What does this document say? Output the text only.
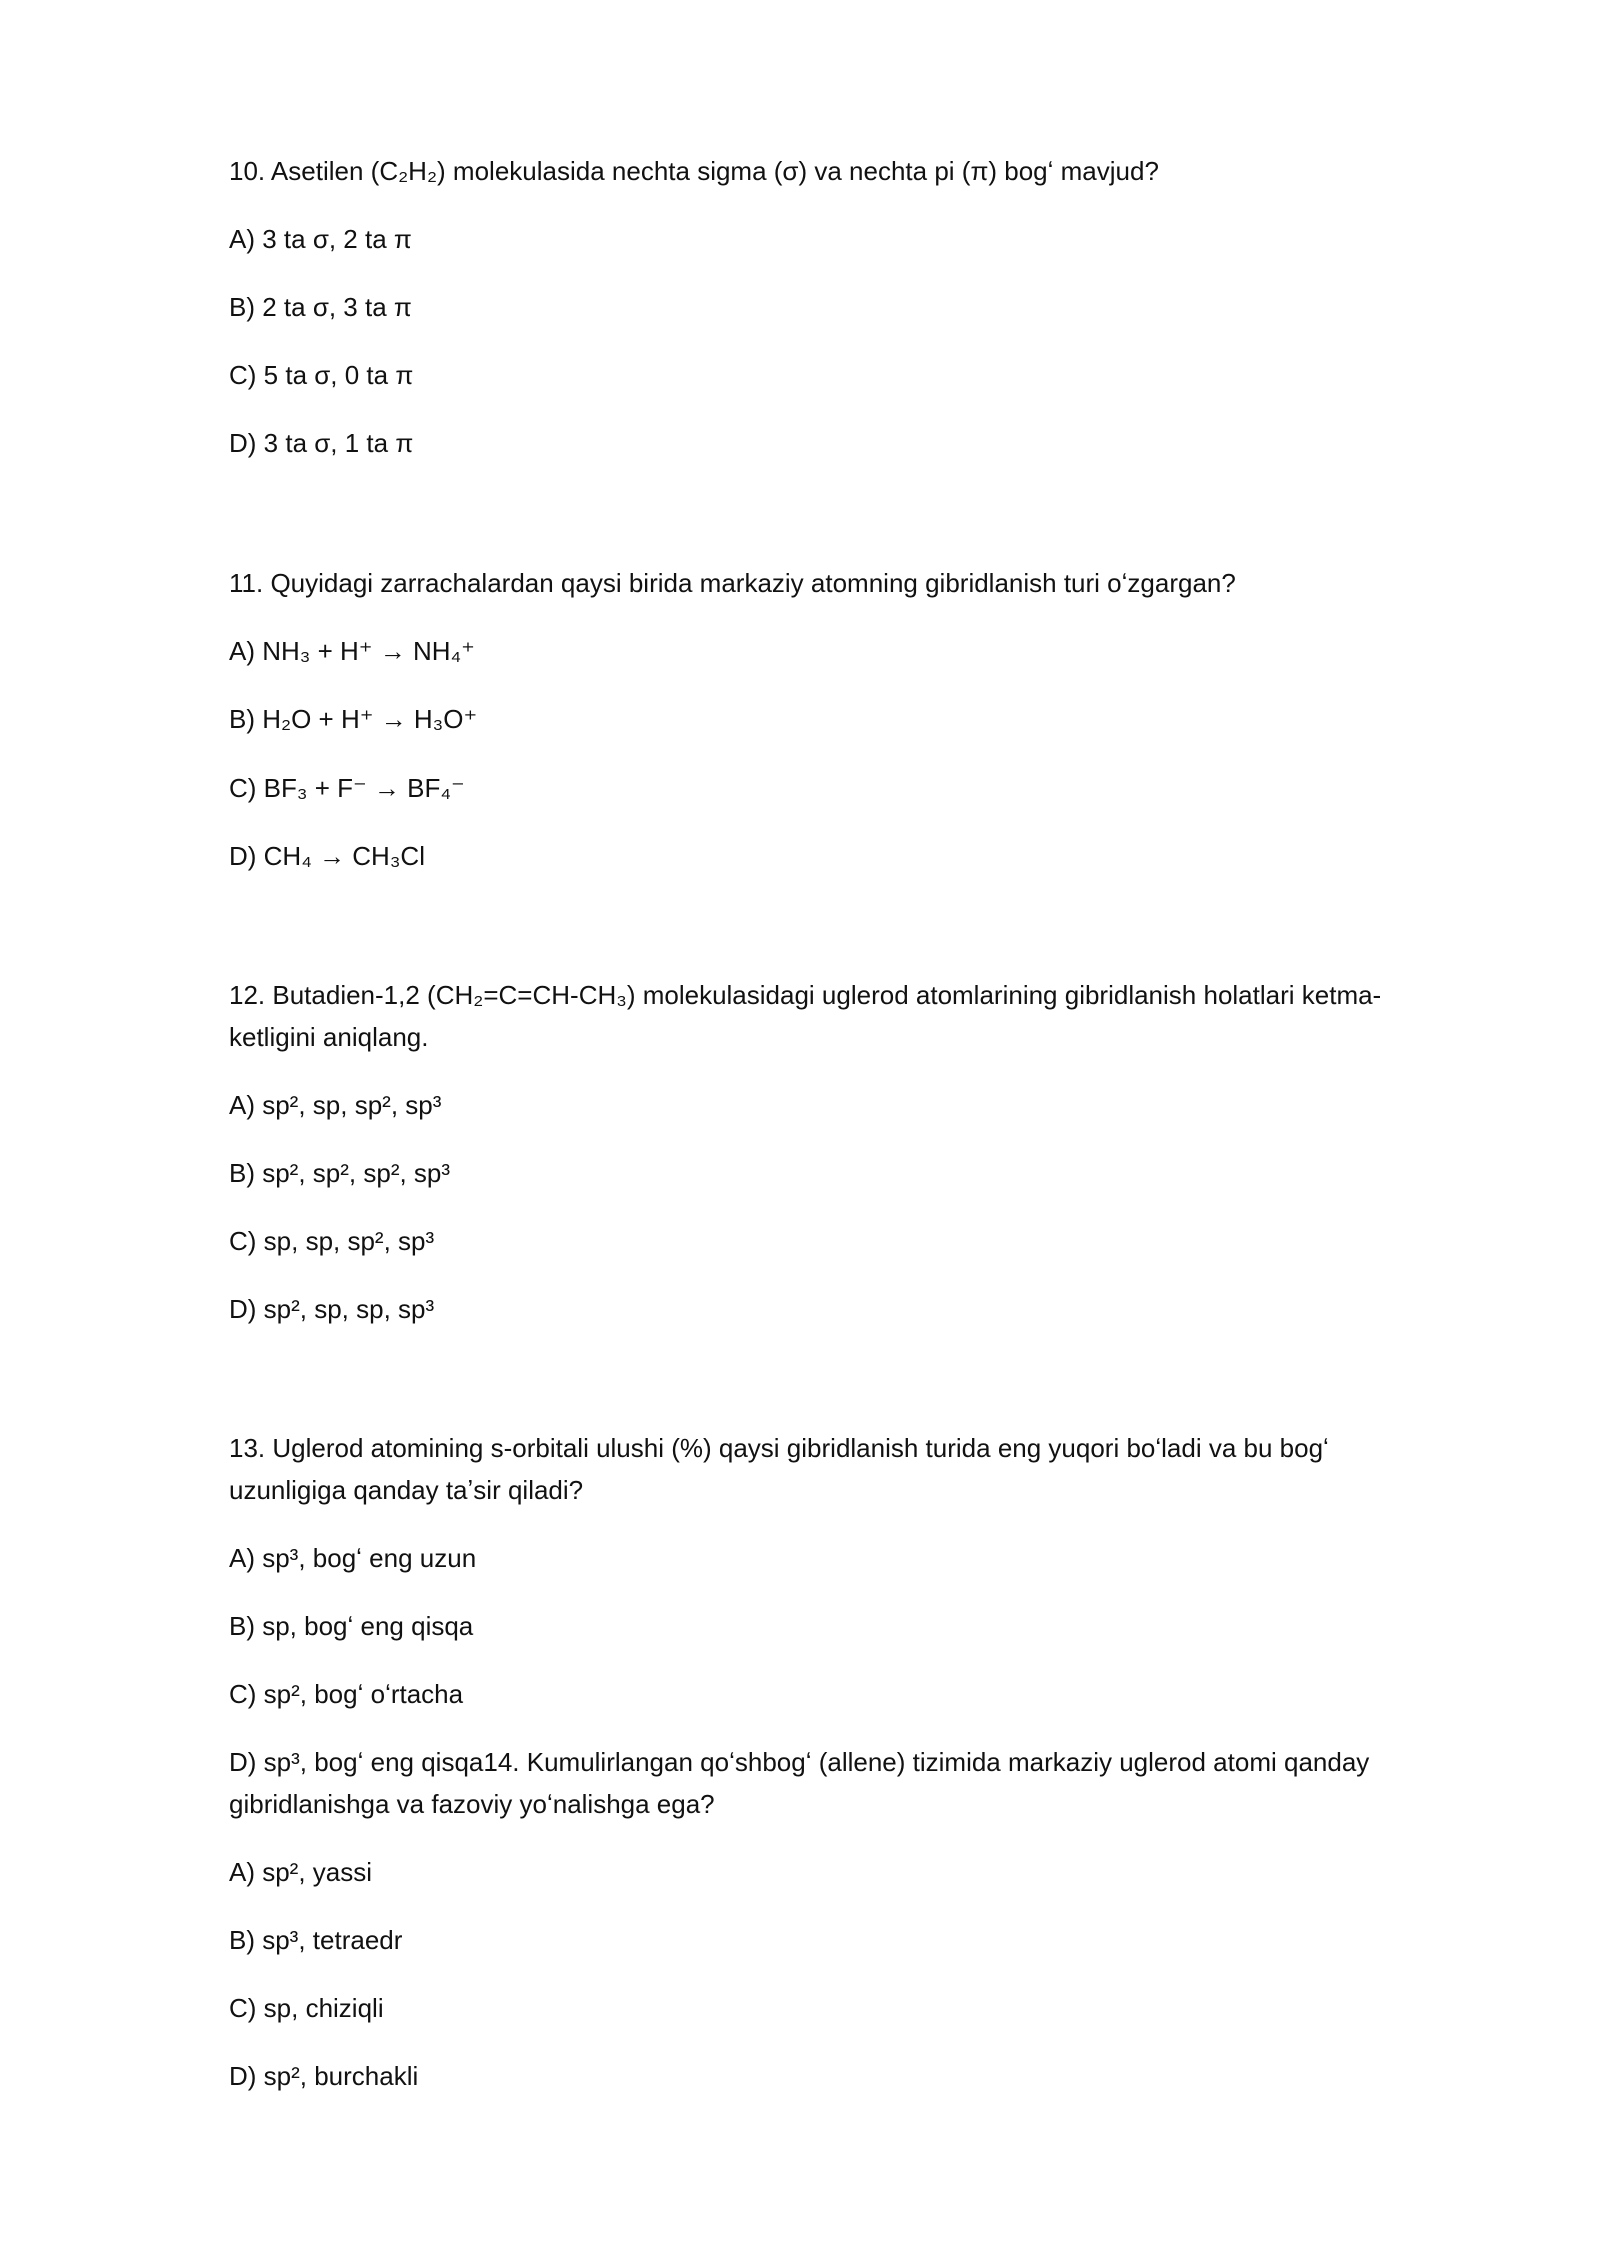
10. Asetilen (C₂H₂) molekulasida nechta sigma (σ) va nechta pi (π) bogʻ mavjud?
A) 3 ta σ, 2 ta π
B) 2 ta σ, 3 ta π
C) 5 ta σ, 0 ta π
D) 3 ta σ, 1 ta π
11. Quyidagi zarrachalardan qaysi birida markaziy atomning gibridlanish turi oʻzgargan?
A) NH₃ + H⁺ → NH₄⁺
B) H₂O + H⁺ → H₃O⁺
C) BF₃ + F⁻ → BF₄⁻
D) CH₄ → CH₃Cl
12. Butadien-1,2 (CH₂=C=CH-CH₃) molekulasidagi uglerod atomlarining gibridlanish holatlari ketma-
ketligini aniqlang.
A) sp², sp, sp², sp³
B) sp², sp², sp², sp³
C) sp, sp, sp², sp³
D) sp², sp, sp, sp³
13. Uglerod atomining s-orbitali ulushi (%) qaysi gibridlanish turida eng yuqori boʻladi va bu bogʻ
uzunligiga qanday taʼsir qiladi?
A) sp³, bogʻ eng uzun
B) sp, bogʻ eng qisqa
C) sp², bogʻ oʻrtacha
D) sp³, bogʻ eng qisqa14. Kumulirlangan qoʻshbogʻ (allene) tizimida markaziy uglerod atomi qanday
gibridlanishga va fazoviy yoʻnalishga ega?
A) sp², yassi
B) sp³, tetraedr
C) sp, chiziqli
D) sp², burchakli
